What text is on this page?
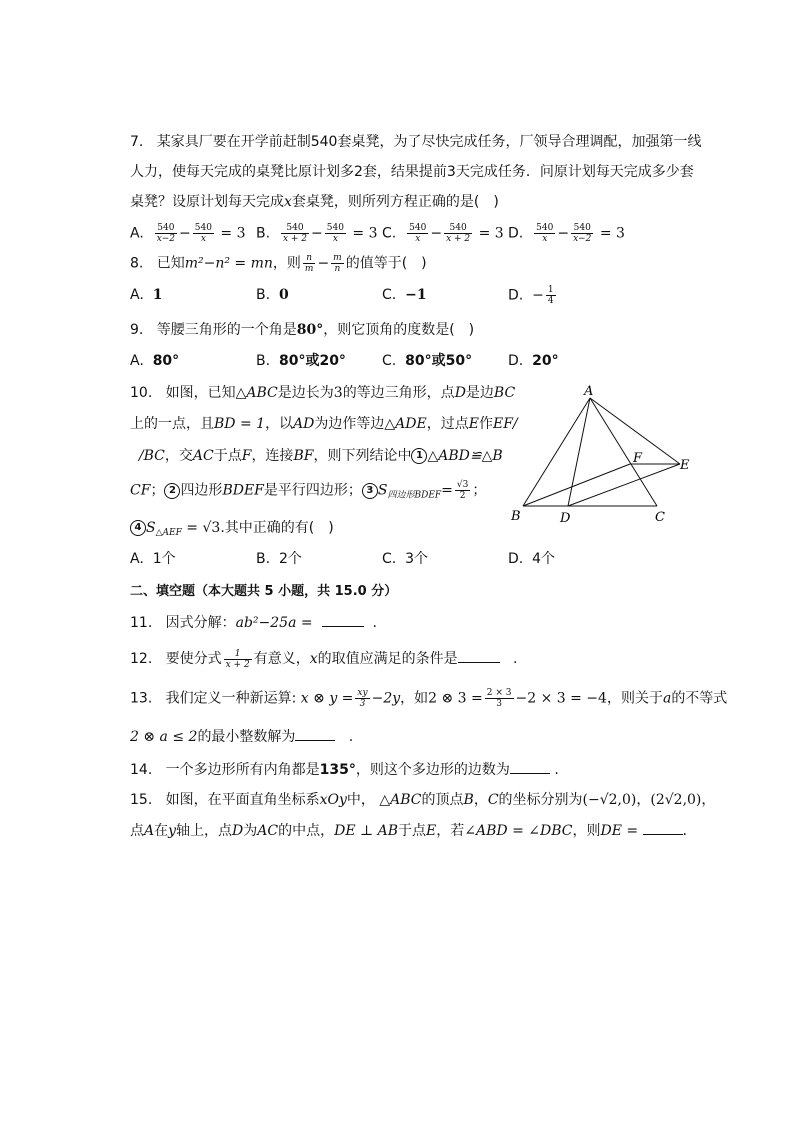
7. 某家具厂要在开学前赶制540套桌凳，为了尽快完成任务，厂领导合理调配，加强第一线
人力，使每天完成的桌凳比原计划多2套，结果提前3天完成任务．问原计划每天完成多少套
桌凳？设原计划每天完成x套桌凳，则所列方程正确的是(　)
A. $\frac{540}{x-2} - \frac{540}{x} = 3$ B. $\frac{540}{x + 2} - \frac{540}{x} = 3$ C. $\frac{540}{x} - \frac{540}{x + 2} = 3$ D. $\frac{540}{x} - \frac{540}{x-2} = 3$
8. 已知m²−n² = mn，则 $\frac{n}{m} - \frac{m}{n}$ 的值等于(　)
A. 1	B. 0	C. −1	D. − $\frac{1}{4}$
9. 等腰三角形的一个角是80°，则它顶角的度数是(　)
A. 80°	B. 80°或20°	C. 80°或50°	D. 20°
10. 如图，已知△ABC是边长为3的等边三角形，点D是边BC
上的一点，且BD = 1，以AD为边作等边△ADE，过点E作EF/
/BC，交AC于点F，连接BF，则下列结论中 1 △ABD≌△B
CF； 2 四边形BDEF是平行四边形； 3 $S_{四边形BDEF}= \frac{√3}{2}$ ；
4 $S_{\triangle AEF} = √3$.其中正确的有(　)
A. 1个	B. 2个	C. 3个	D. 4个
A
B	C
D
E
F
二、填空题（本大题共 5 小题，共 15.0 分）
11. 因式分解：ab²−25a =	.
12. 要使分式 $\frac{1}{x + 2}$ 有意义，x的取值应满足的条件是	.
13. 我们定义一种新运算: x ⊗ $y = \frac{xy}{3} -2y$，如2 ⊗ $3 = \frac{2 \times 3}{3} -2 \times 3 = -4$，则关于a的不等式
2 ⊗ a ≤ 2的最小整数解为	.
14. 一个多边形所有内角都是135°，则这个多边形的边数为	.
15. 如图，在平面直角坐标系xOy中， △ABC的顶点B，C的坐标分别为(−√2,0)，(2√2,0)，
点A在y轴上，点D为AC的中点，DE ⊥ AB于点E，若∠ABD = ∠DBC，则DE =	.
